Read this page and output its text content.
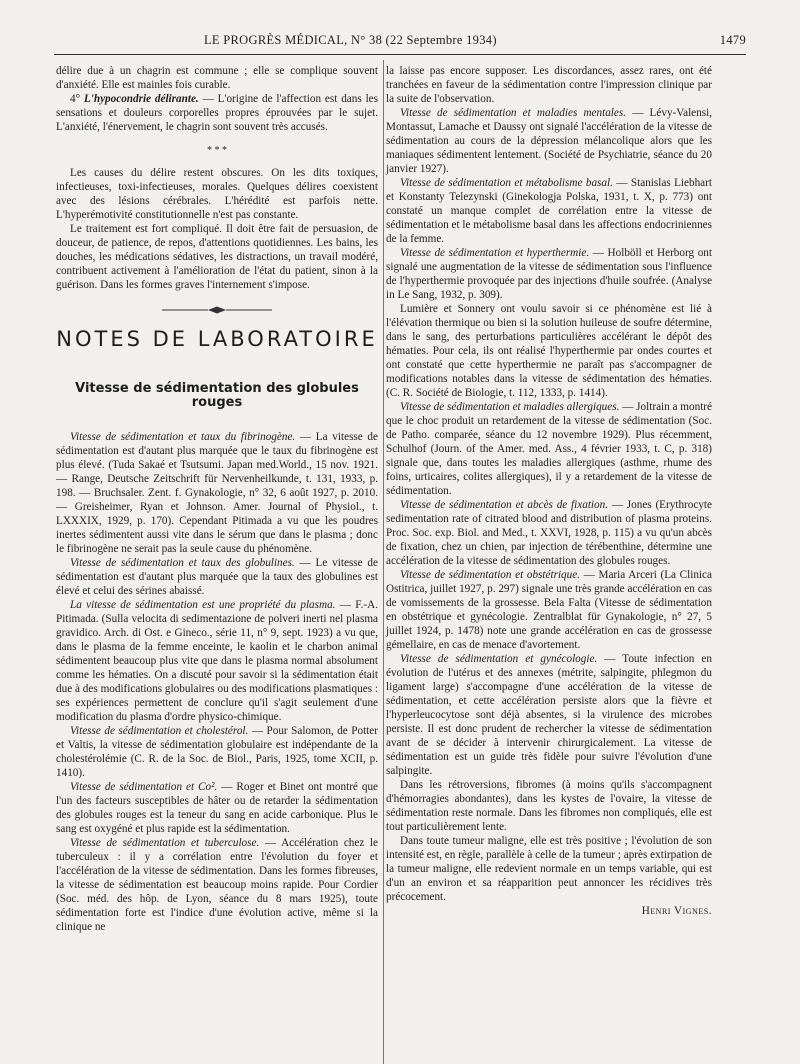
LE PROGRÈS MÉDICAL, N° 38 (22 Septembre 1934)	1479

délire due à un chagrin est commune ; elle se complique souvent d'anxiété. Elle est mainles fois curable.

4° L'hypocondrie délirante. — L'origine de l'affection est dans les sensations et douleurs corporelles propres éprouvées par le sujet. L'anxiété, l'énervement, le chagrin sont souvent très accusés.

* * *

Les causes du délire restent obscures. On les dits toxiques, infectieuses, toxi-infectieuses, morales. Quelques délires coexistent avec des lésions cérébrales. L'hérédité est parfois nette. L'hyperémotivité constitutionnelle n'est pas constante.

Le traitement est fort compliqué. Il doit être fait de persuasion, de douceur, de patience, de repos, d'attentions quotidiennes. Les bains, les douches, les médications sédatives, les distractions, un travail modéré, contribuent activement à l'amélioration de l'état du patient, sinon à la guérison. Dans les formes graves l'internement s'impose.

NOTES DE LABORATOIRE
Vitesse de sédimentation des globules rouges

Vitesse de sédimentation et taux du fibrinogène. — La vitesse de sédimentation est d'autant plus marquée que le taux du fibrinogène est plus élevé. (Tuda Sakaé et Tsutsumi. Japan med.World., 15 nov. 1921. — Range, Deutsche Zeitschrift für Nervenheilkunde, t. 131, 1933, p. 198. — Bruchsaler. Zent. f. Gynakologie, n° 32, 6 août 1927, p. 2010. — Greisheimer, Ryan et Johnson. Amer. Journal of Physiol., t. LXXXIX, 1929, p. 170). Cependant Pitimada a vu que les poudres inertes sédimentent aussi vite dans le sérum que dans le plasma ; donc le fibrinogène ne serait pas la seule cause du phénomène.

Vitesse de sédimentation et taux des globulines. — Le vitesse de sédimentation est d'autant plus marquée que la taux des globulines est élevé et celui des sérines abaissé.

La vitesse de sédimentation est une propriété du plasma. — F.-A. Pitimada. (Sulla velocita di sedimentazione de polveri inerti nel plasma gravidico. Arch. di Ost. e Gineco., série 11, n° 9, sept. 1923) a vu que, dans le plasma de la femme enceinte, le kaolin et le charbon animal sédimentent beaucoup plus vite que dans le plasma normal absolument comme les hématies. On a discuté pour savoir si la sédimentation était due à des modifications globulaires ou des modifications plasmatiques : ses expériences permettent de conclure qu'il s'agit seulement d'une modification du plasma d'ordre physico-chimique.

Vitesse de sédimentation et cholestérol. — Pour Salomon, de Potter et Valtis, la vitesse de sédimentation globulaire est indépendante de la cholestérolémie (C. R. de la Soc. de Biol., Paris, 1925, tome XCII, p. 1410).

Vitesse de sédimentation et Co². — Roger et Binet ont montré que l'un des facteurs susceptibles de hâter ou de retarder la sédimentation des globules rouges est la teneur du sang en acide carbonique. Plus le sang est oxygéné et plus rapide est la sédimentation.

Vitesse de sédimentation et tuberculose. — Accélération chez le tuberculeux : il y a corrélation entre l'évolution du foyer et l'accélération de la vitesse de sédimentation. Dans les formes fibreuses, la vitesse de sédimentation est beaucoup moins rapide. Pour Cordier (Soc. méd. des hôp. de Lyon, séance du 8 mars 1925), toute sédimentation forte est l'indice d'une évolution active, même si la clinique ne

la laisse pas encore supposer. Les discordances, assez rares, ont été tranchées en faveur de la sédimentation contre l'impression clinique par la suite de l'observation.

Vitesse de sédimentation et maladies mentales. — Lévy-Valensi, Montassut, Lamache et Daussy ont signalé l'accélération de la vitesse de sédimentation au cours de la dépression mélancolique alors que les maniaques sédimentent lentement. (Société de Psychiatrie, séance du 20 janvier 1927).

Vitesse de sédimentation et métabolisme basal. — Stanislas Liebhart et Konstanty Telezynski (Ginekologja Polska, 1931, t. X, p. 773) ont constaté un manque complet de corrélation entre la vitesse de sédimentation et le métabolisme basal dans les affections endocriniennes de la femme.

Vitesse de sédimentation et hyperthermie. — Holböll et Herborg ont signalé une augmentation de la vitesse de sédimentation sous l'influence de l'hyperthermie provoquée par des injections d'huile soufrée. (Analyse in Le Sang, 1932, p. 309).

Lumière et Sonnery ont voulu savoir si ce phénomène est lié à l'élévation thermique ou bien si la solution huileuse de soufre détermine, dans le sang, des perturbations particulières accélérant le dépôt des hématies. Pour cela, ils ont réalisé l'hyperthermie par ondes courtes et ont constaté que cette hyperthermie ne paraît pas s'accompagner de modifications notables dans la vitesse de sédimentation des hématies. (C. R. Société de Biologie, t. 112, 1333, p. 1414).

Vitesse de sédimentation et maladies allergiques. — Joltrain a montré que le choc produit un retardement de la vitesse de sédimentation (Soc. de Patho. comparée, séance du 12 novembre 1929). Plus récemment, Schulhof (Journ. of the Amer. med. Ass., 4 février 1933, t. C, p. 318) signale que, dans toutes les maladies allergiques (asthme, rhume des foins, urticaires, colites allergiques), il y a retardement de la vitesse de sédimentation.

Vitesse de sédimentation et abcès de fixation. — Jones (Erythrocyte sedimentation rate of citrated blood and distribution of plasma proteins. Proc. Soc. exp. Biol. and Med., t. XXVI, 1928, p. 115) a vu qu'un abcès de fixation, chez un chien, par injection de térébenthine, détermine une accélération de la vitesse de sédimentation des globules rouges.

Vitesse de sédimentation et obstétrique. — Maria Arceri (La Clinica Ostitrica, juillet 1927, p. 297) signale une très grande accélération en cas de vomissements de la grossesse. Bela Falta (Vitesse de sédimentation en obstétrique et gynécologie. Zentralblat für Gynakologie, n° 27, 5 juillet 1924, p. 1478) note une grande accélération en cas de grossesse gémellaire, en cas de menace d'avortement.

Vitesse de sédimentation et gynécologie. — Toute infection en évolution de l'utérus et des annexes (métrite, salpingite, phlegmon du ligament large) s'accompagne d'une accélération de la vitesse de sédimentation, et cette accélération persiste alors que la fièvre et l'hyperleucocytose sont déjà absentes, si la virulence des microbes persiste. Il est donc prudent de rechercher la vitesse de sédimentation avant de se décider à intervenir chirurgicalement. La vitesse de sédimentation est un guide très fidèle pour suivre l'évolution d'une salpingite.

Dans les rétroversions, fibromes (à moins qu'ils s'accompagnent d'hémorragies abondantes), dans les kystes de l'ovaire, la vitesse de sédimentation reste normale. Dans les fibromes non compliqués, elle est tout particulièrement lente.

Dans toute tumeur maligne, elle est très positive ; l'évolution de son intensité est, en règle, parallèle à celle de la tumeur ; après extirpation de la tumeur maligne, elle redevient normale en un temps variable, qui est d'un an environ et sa réapparition peut annoncer les récidives très précocement.

Henri Vignes.
